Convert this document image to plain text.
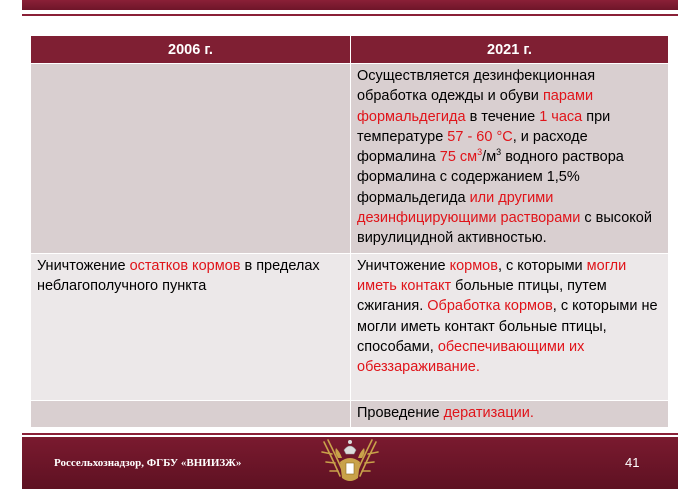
2006 г.	2021 г.
	Осуществляется дезинфекционная обработка одежды и обуви парами формальдегида в течение 1 часа при температуре 57 - 60 °С, и расходе формалина 75 $см^3/м^3$ водного раствора формалина с содержанием 1,5% формальдегида или другими дезинфицирующими растворами с высокой вирулицидной активностью.
Уничтожение остатков кормов в пределах неблагополучного пункта	Уничтожение кормов, с которыми могли иметь контакт больные птицы, путем сжигания. Обработка кормов, с которыми не могли иметь контакт больные птицы, способами, обеспечивающими их обеззараживание.
	Проведение дератизации.
Россельхознадзор, ФГБУ «ВНИИЗЖ»	41
